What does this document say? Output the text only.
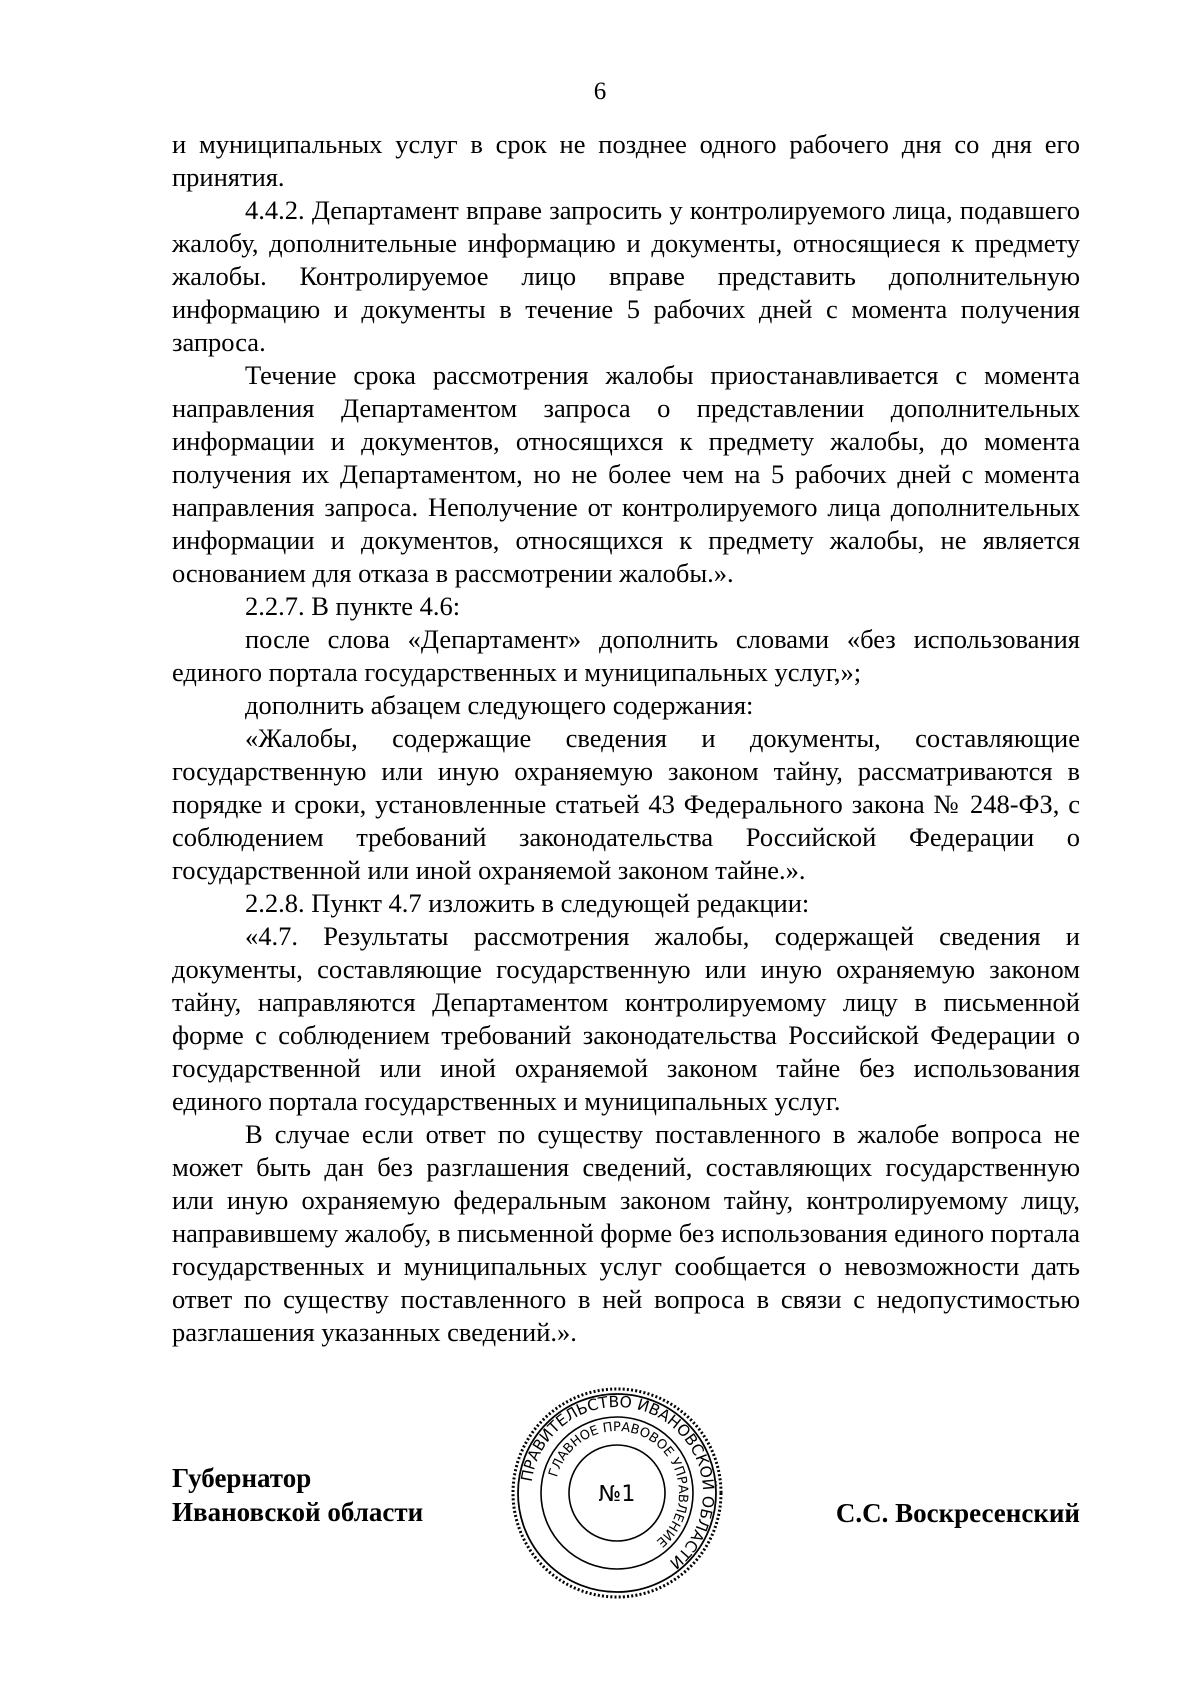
6

и муниципальных услуг в срок не позднее одного рабочего дня со дня его принятия.

4.4.2. Департамент вправе запросить у контролируемого лица, подавшего жалобу, дополнительные информацию и документы, относящиеся к предмету жалобы. Контролируемое лицо вправе представить дополнительную информацию и документы в течение 5 рабочих дней с момента получения запроса.

Течение срока рассмотрения жалобы приостанавливается с момента направления Департаментом запроса о представлении дополнительных информации и документов, относящихся к предмету жалобы, до момента получения их Департаментом, но не более чем на 5 рабочих дней с момента направления запроса. Неполучение от контролируемого лица дополнительных информации и документов, относящихся к предмету жалобы, не является основанием для отказа в рассмотрении жалобы.».

2.2.7. В пункте 4.6:

после слова «Департамент» дополнить словами «без использования единого портала государственных и муниципальных услуг,»;

дополнить абзацем следующего содержания:

«Жалобы, содержащие сведения и документы, составляющие государственную или иную охраняемую законом тайну, рассматриваются в порядке и сроки, установленные статьей 43 Федерального закона № 248-ФЗ, с соблюдением требований законодательства Российской Федерации о государственной или иной охраняемой законом тайне.».

2.2.8. Пункт 4.7 изложить в следующей редакции:

«4.7. Результаты рассмотрения жалобы, содержащей сведения и документы, составляющие государственную или иную охраняемую законом тайну, направляются Департаментом контролируемому лицу в письменной форме с соблюдением требований законодательства Российской Федерации о государственной или иной охраняемой законом тайне без использования единого портала государственных и муниципальных услуг.

В случае если ответ по существу поставленного в жалобе вопроса не может быть дан без разглашения сведений, составляющих государственную или иную охраняемую федеральным законом тайну, контролируемому лицу, направившему жалобу, в письменной форме без использования единого портала государственных и муниципальных услуг сообщается о невозможности дать ответ по существу поставленного в ней вопроса в связи с недопустимостью разглашения указанных сведений.».

Губернатор
Ивановской области	С.С. Воскресенский
ПРАВИТЕЛЬСТВО ИВАНОВСКОЙ ОБЛАСТИ
ГЛАВНОЕ ПРАВОВОЕ УПРАВЛЕНИЕ
№1
